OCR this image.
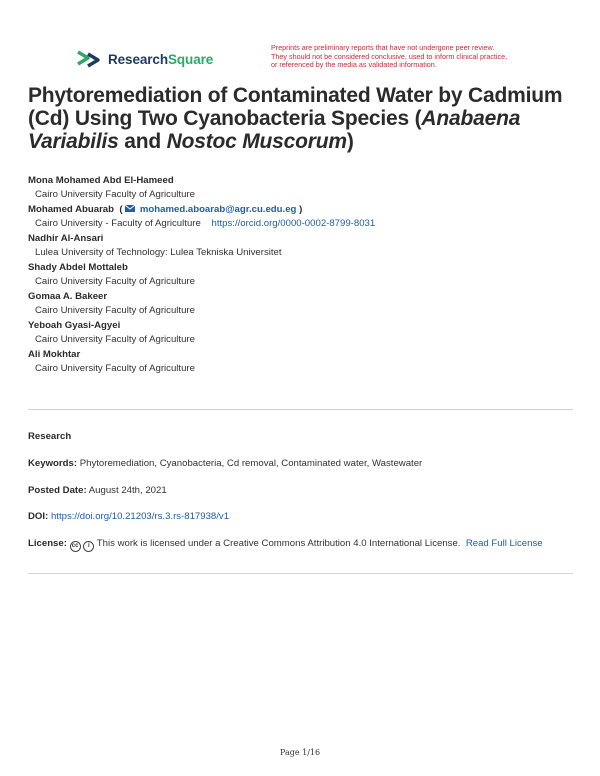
ResearchSquare
Preprints are preliminary reports that have not undergone peer review.
They should not be considered conclusive, used to inform clinical practice,
or referenced by the media as validated information.
Phytoremediation of Contaminated Water by Cadmium (Cd) Using Two Cyanobacteria Species (Anabaena Variabilis and Nostoc Muscorum)
Mona Mohamed Abd El-Hameed
Cairo University Faculty of Agriculture
Mohamed Abuarab  ( mohamed.aboarab@agr.cu.edu.eg )
Cairo University - Faculty of Agriculture https://orcid.org/0000-0002-8799-8031
Nadhir Al-Ansari
Lulea University of Technology: Lulea Tekniska Universitet
Shady Abdel Mottaleb
Cairo University Faculty of Agriculture
Gomaa A. Bakeer
Cairo University Faculty of Agriculture
Yeboah Gyasi-Agyei
Cairo University Faculty of Agriculture
Ali Mokhtar
Cairo University Faculty of Agriculture
Research
Keywords: Phytoremediation, Cyanobacteria, Cd removal, Contaminated water, Wastewater
Posted Date: August 24th, 2021
DOI: https://doi.org/10.21203/rs.3.rs-817938/v1
License: cc i This work is licensed under a Creative Commons Attribution 4.0 International License. Read Full License
Page 1/16
